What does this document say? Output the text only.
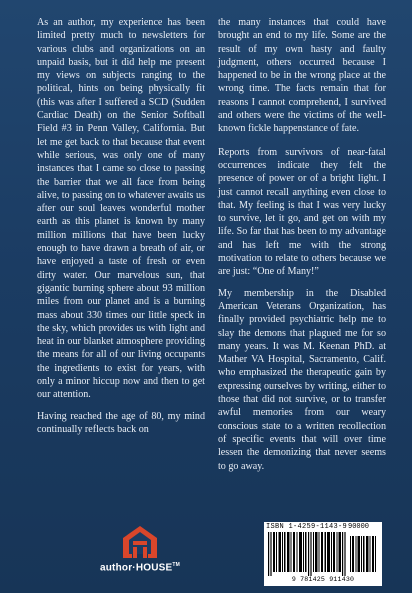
As an author, my experience has been limited pretty much to newsletters for various clubs and organizations on an unpaid basis, but it did help me present my views on subjects ranging to the political, hints on being physically fit (this was after I suffered a SCD (Sudden Cardiac Death) on the Senior Softball Field #3 in Penn Valley, California. But let me get back to that because that event while serious, was only one of many instances that I came so close to passing the barrier that we all face from being alive, to passing on to whatever awaits us after our soul leaves wonderful mother earth as this planet is known by many million millions that have been lucky enough to have drawn a breath of air, or have enjoyed a taste of fresh or even dirty water. Our marvelous sun, that gigantic burning sphere about 93 million miles from our planet and is a burning mass about 330 times our little speck in the sky, which provides us with light and heat in our blanket atmosphere providing the means for all of our living occupants the ingredients to exist for years, with only a minor hiccup now and then to get our attention.

Having reached the age of 80, my mind continually reflects back on

the many instances that could have brought an end to my life. Some are the result of my own hasty and faulty judgment, others occurred because I happened to be in the wrong place at the wrong time. The facts remain that for reasons I cannot comprehend, I survived and others were the victims of the well-known fickle happenstance of fate.

Reports from survivors of near-fatal occurrences indicate they felt the presence of power or of a bright light. I just cannot recall anything even close to that. My feeling is that I was very lucky to survive, let it go, and get on with my life. So far that has been to my advantage and has left me with the strong motivation to relate to others because we are just: “One of Many!”

My membership in the Disabled American Veterans Organization, has finally provided psychiatric help me to slay the demons that plagued me for so many years. It was M. Keenan PhD. at Mather VA Hospital, Sacramento, Calif. who emphasized the therapeutic gain by expressing ourselves by writing, either to those that did not survive, or to transfer awful memories from our weary conscious state to a written recollection of specific events that will over time lessen the demonizing that never seems to go away.

author·HOUSE™
ISBN 1-4259-1143-9 90000
9 781425 911430
